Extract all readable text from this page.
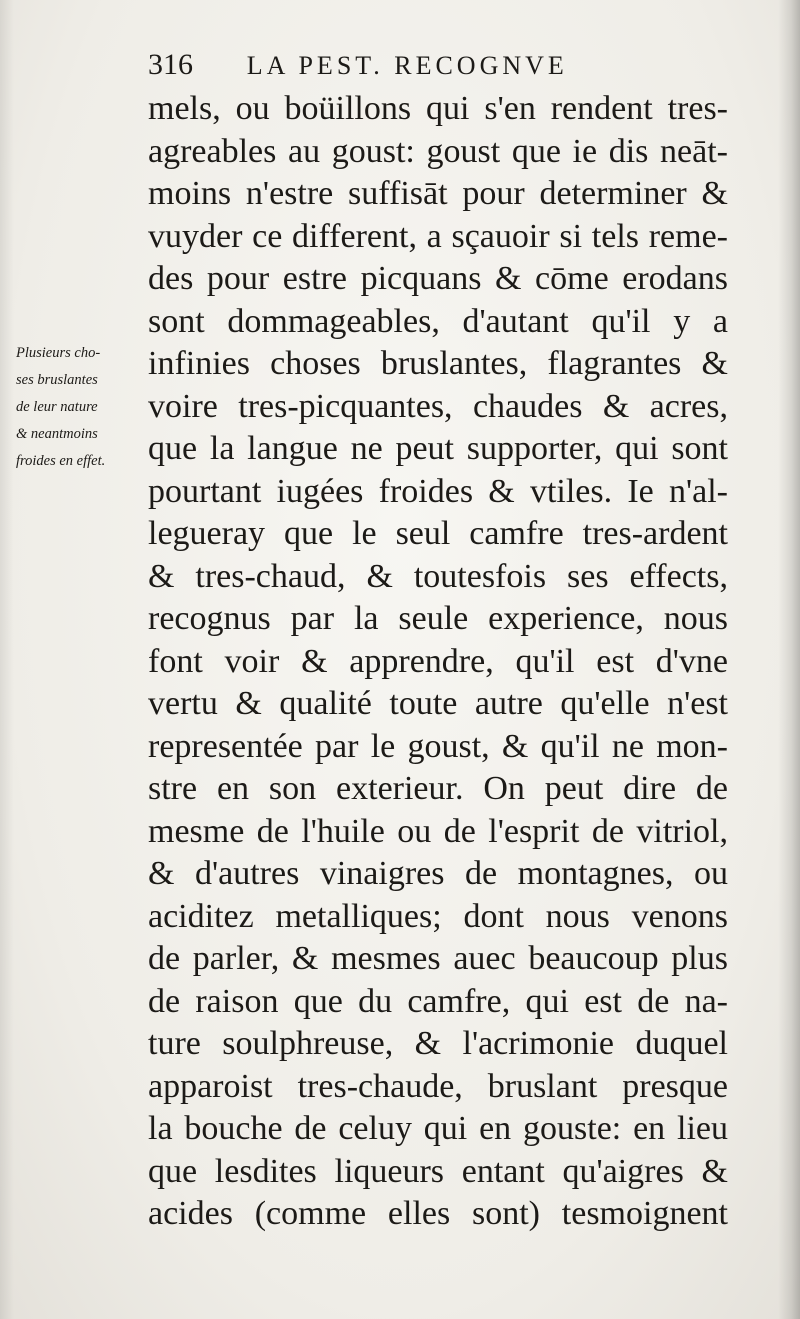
316 LA PEST. RECOGNVE
Plusieurs cho-
ses bruslantes
de leur nature
& neantmoins
froides en effet.
mels, ou boüillons qui s'en rendent tres-
agreables au goust: goust que ie dis neāt-
moins n'estre suffisāt pour determiner &
vuyder ce different, a sçauoir si tels reme-
des pour estre picquans & cōme erodans
sont dommageables, d'autant qu'il y a
infinies choses bruslantes, flagrantes &
voire tres-picquantes, chaudes & acres,
que la langue ne peut supporter, qui sont
pourtant iugées froides & vtiles. Ie n'al-
legueray que le seul camfre tres-ardent
& tres-chaud, & toutesfois ses effects,
recognus par la seule experience, nous
font voir & apprendre, qu'il est d'vne
vertu & qualité toute autre qu'elle n'est
representée par le goust, & qu'il ne mon-
stre en son exterieur. On peut dire de
mesme de l'huile ou de l'esprit de vitriol,
& d'autres vinaigres de montagnes, ou
aciditez metalliques; dont nous venons
de parler, & mesmes auec beaucoup plus
de raison que du camfre, qui est de na-
ture soulphreuse, & l'acrimonie duquel
apparoist tres-chaude, bruslant presque
la bouche de celuy qui en gouste: en lieu
que lesdites liqueurs entant qu'aigres &
acides (comme elles sont) tesmoignent
